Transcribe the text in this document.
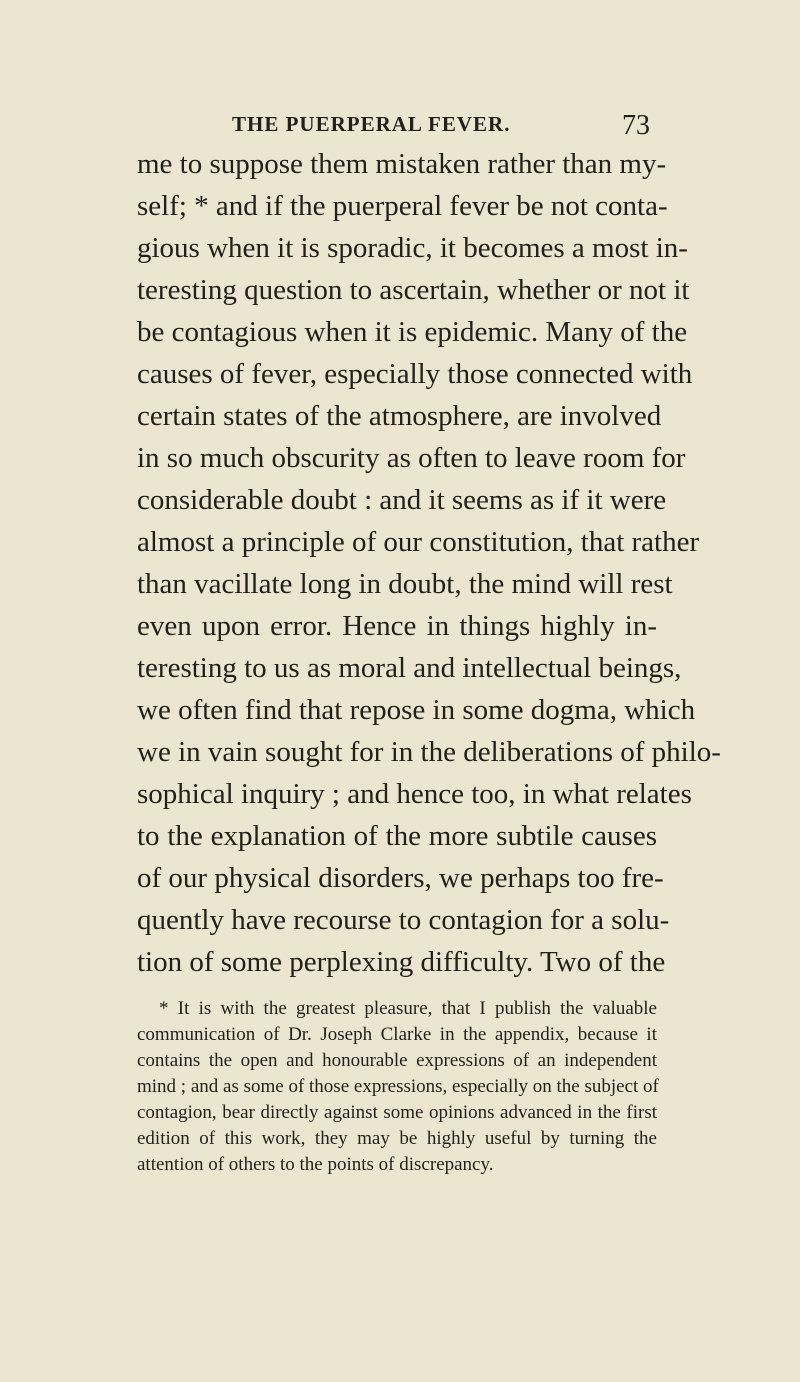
THE PUERPERAL FEVER.	73
me to suppose them mistaken rather than my-
self; * and if the puerperal fever be not conta-
gious when it is sporadic, it becomes a most in-
teresting question to ascertain, whether or not it
be contagious when it is epidemic. Many of the
causes of fever, especially those connected with
certain states of the atmosphere, are involved
in so much obscurity as often to leave room for
considerable doubt : and it seems as if it were
almost a principle of our constitution, that rather
than vacillate long in doubt, the mind will rest
even upon error. Hence in things highly in-
teresting to us as moral and intellectual beings,
we often find that repose in some dogma, which
we in vain sought for in the deliberations of philo-
sophical inquiry ; and hence too, in what relates
to the explanation of the more subtile causes
of our physical disorders, we perhaps too fre-
quently have recourse to contagion for a solu-
tion of some perplexing difficulty. Two of the
* It is with the greatest pleasure, that I publish the valuable
communication of Dr. Joseph Clarke in the appendix, because it
contains the open and honourable expressions of an independent
mind ; and as some of those expressions, especially on the subject of
contagion, bear directly against some opinions advanced in the first
edition of this work, they may be highly useful by turning the
attention of others to the points of discrepancy.
